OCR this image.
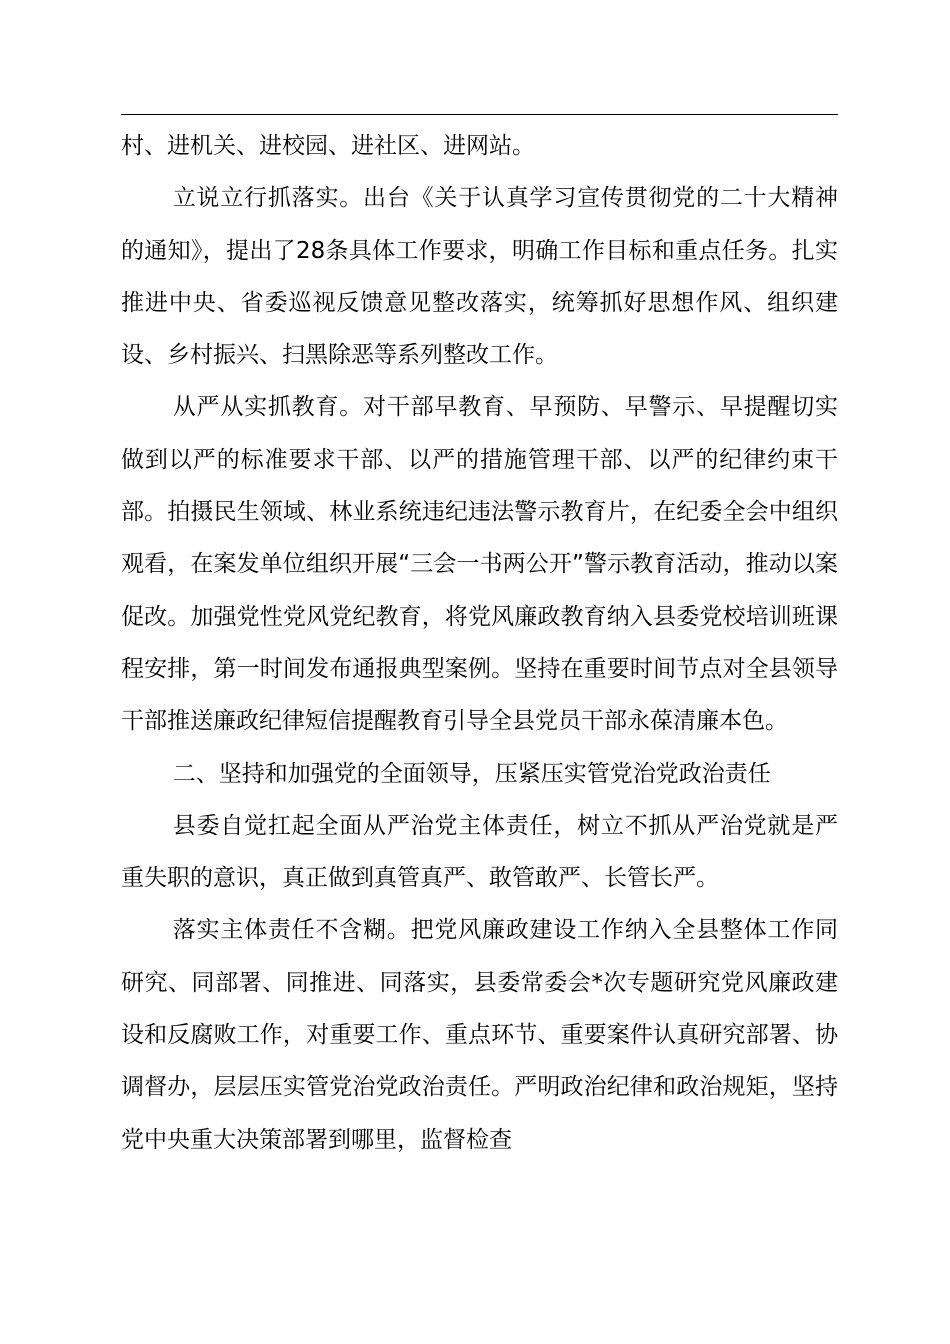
村、进机关、进校园、进社区、进网站。

立说立行抓落实。出台《关于认真学习宣传贯彻党的二十大精神的通知》，提出了28条具体工作要求，明确工作目标和重点任务。扎实推进中央、省委巡视反馈意见整改落实，统筹抓好思想作风、组织建设、乡村振兴、扫黑除恶等系列整改工作。

从严从实抓教育。对干部早教育、早预防、早警示、早提醒切实做到以严的标准要求干部、以严的措施管理干部、以严的纪律约束干部。拍摄民生领域、林业系统违纪违法警示教育片，在纪委全会中组织观看，在案发单位组织开展“三会一书两公开”警示教育活动，推动以案促改。加强党性党风党纪教育，将党风廉政教育纳入县委党校培训班课程安排，第一时间发布通报典型案例。坚持在重要时间节点对全县领导干部推送廉政纪律短信提醒教育引导全县党员干部永葆清廉本色。

二、坚持和加强党的全面领导，压紧压实管党治党政治责任

县委自觉扛起全面从严治党主体责任，树立不抓从严治党就是严重失职的意识，真正做到真管真严、敢管敢严、长管长严。

落实主体责任不含糊。把党风廉政建设工作纳入全县整体工作同研究、同部署、同推进、同落实，县委常委会*次专题研究党风廉政建设和反腐败工作，对重要工作、重点环节、重要案件认真研究部署、协调督办，层层压实管党治党政治责任。严明政治纪律和政治规矩，坚持党中央重大决策部署到哪里，监督检查
